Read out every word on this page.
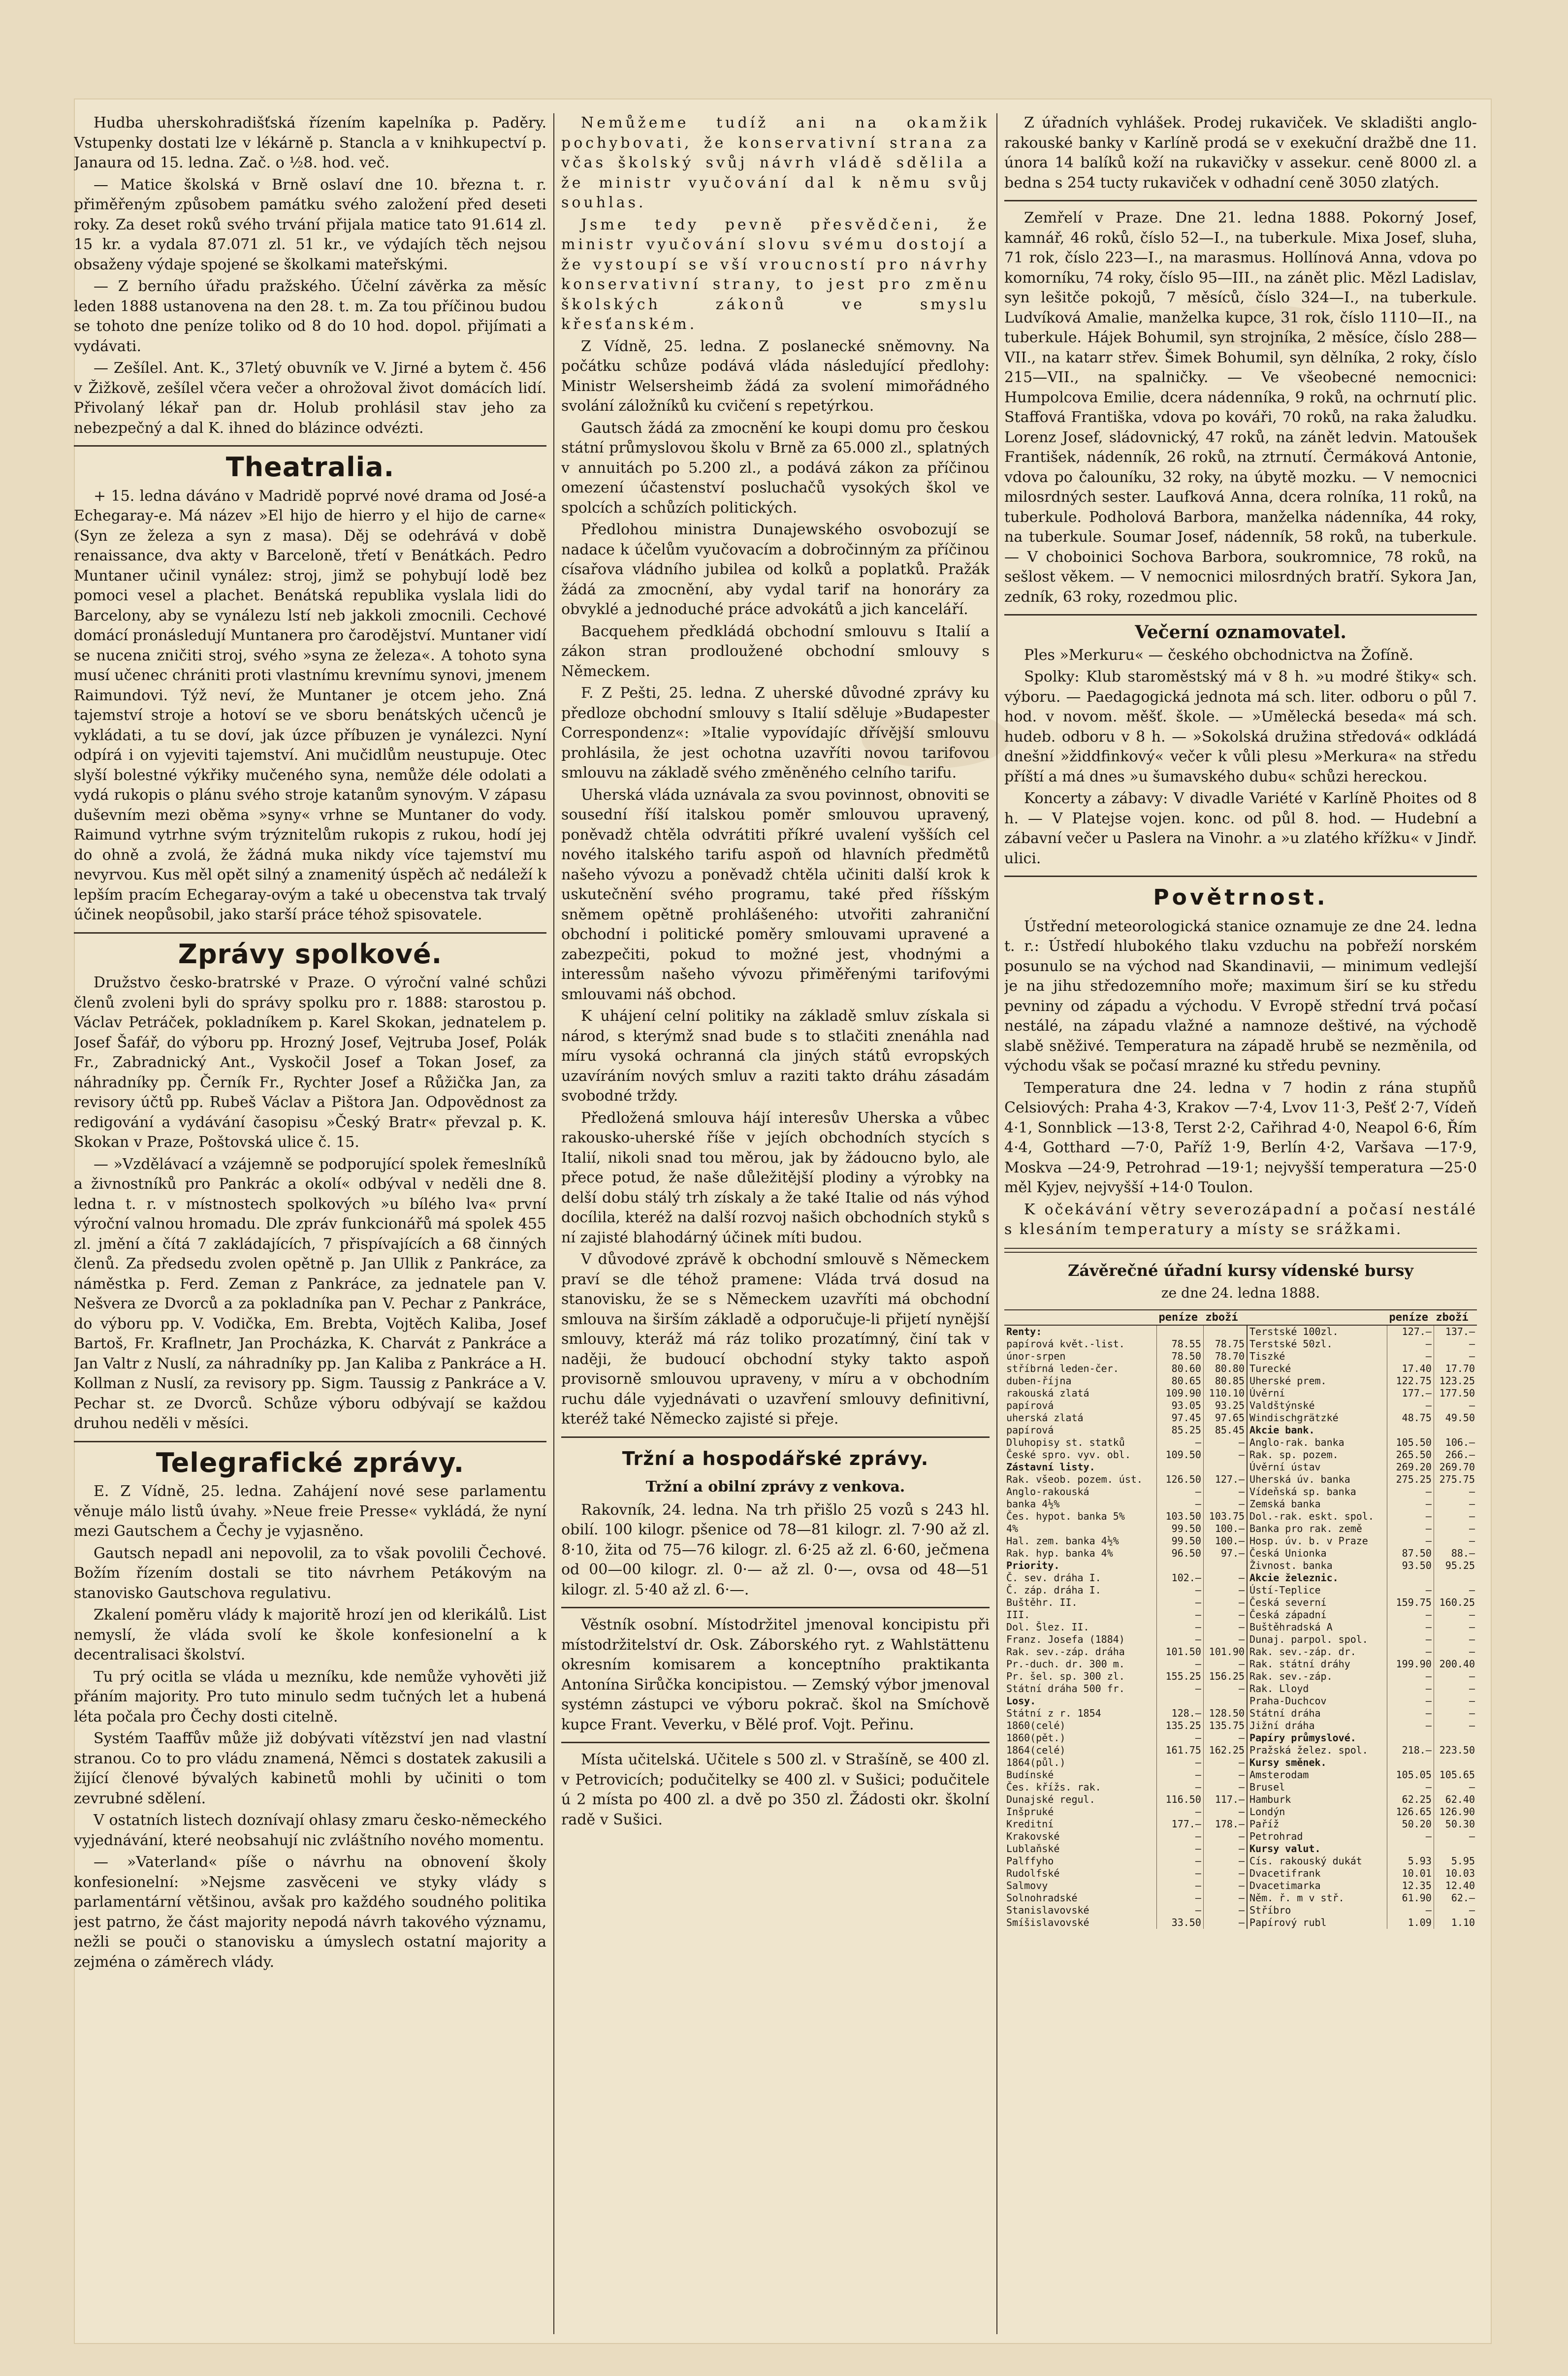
Hudba uherskohradišťská řízením kapelníka p. Paděry. Vstupenky dostati lze v lékárně p. Stancla a v knihkupectví p. Janaura od 15. ledna. Zač. o ½8. hod. več.

— Matice školská v Brně oslaví dne 10. března t. r. přiměřeným způsobem památku svého založení před deseti roky. Za deset roků svého trvání přijala matice tato 91.614 zl. 15 kr. a vydala 87.071 zl. 51 kr., ve výdajích těch nejsou obsaženy výdaje spojené se školkami mateřskými.

— Z berního úřadu pražského. Účelní závěrka za měsíc leden 1888 ustanovena na den 28. t. m. Za tou příčinou budou se tohoto dne peníze toliko od 8 do 10 hod. dopol. přijímati a vydávati.

— Zešílel. Ant. K., 37letý obuvník ve V. Jirné a bytem č. 456 v Žižkově, zešílel včera večer a ohrožoval život domácích lidí. Přivolaný lékař pan dr. Holub prohlásil stav jeho za nebezpečný a dal K. ihned do blázince odvézti.

Theatralia.

+ 15. ledna dáváno v Madridě poprvé nové drama od José-a Echegaray-e. Má název »El hijo de hierro y el hijo de carne« (Syn ze železa a syn z masa). Děj se odehrává v době renaissance, dva akty v Barceloně, třetí v Benátkách. Pedro Muntaner učinil vynález: stroj, jimž se pohybují lodě bez pomoci vesel a plachet. Benátská republika vyslala lidi do Barcelony, aby se vynálezu lstí neb jakkoli zmocnili. Cechové domácí pronásledují Muntanera pro čarodějství. Muntaner vidí se nucena zničiti stroj, svého »syna ze železa«. A tohoto syna musí učenec chrániti proti vlastnímu krevnímu synovi, jmenem Raimundovi. Týž neví, že Muntaner je otcem jeho. Zná tajemství stroje a hotoví se ve sboru benátských učenců je vykládati, a tu se doví, jak úzce příbuzen je vynálezci. Nyní odpírá i on vyjeviti tajemství. Ani mučidlům neustupuje. Otec slyší bolestné výkřiky mučeného syna, nemůže déle odolati a vydá rukopis o plánu svého stroje katanům synovým. V zápasu duševním mezi oběma »syny« vrhne se Muntaner do vody. Raimund vytrhne svým trýznitelům rukopis z rukou, hodí jej do ohně a zvolá, že žádná muka nikdy více tajemství mu nevyrvou. Kus měl opět silný a znamenitý úspěch ač nedáleží k lepším pracím Echegaray-ovým a také u obecenstva tak trvalý účinek neopůsobil, jako starší práce téhož spisovatele.

Zprávy spolkové.

Družstvo česko-bratrské v Praze. O výroční valné schůzi členů zvoleni byli do správy spolku pro r. 1888: starostou p. Václav Petráček, pokladníkem p. Karel Skokan, jednatelem p. Josef Šafář, do výboru pp. Hrozný Josef, Vejtruba Josef, Polák Fr., Zabradnický Ant., Vyskočil Josef a Tokan Josef, za náhradníky pp. Černík Fr., Rychter Josef a Růžička Jan, za revisory účtů pp. Rubeš Václav a Pištora Jan. Odpovědnost za redigování a vydávání časopisu »Český Bratr« převzal p. K. Skokan v Praze, Poštovská ulice č. 15.

— »Vzdělávací a vzájemně se podporující spolek řemeslníků a živnostníků pro Pankrác a okolí« odbýval v neděli dne 8. ledna t. r. v místnostech spolkových »u bílého lva« první výroční valnou hromadu. Dle zpráv funkcionářů má spolek 455 zl. jmění a čítá 7 zakládajících, 7 přispívajících a 68 činných členů. Za předsedu zvolen opětně p. Jan Ullik z Pankráce, za náměstka p. Ferd. Zeman z Pankráce, za jednatele pan V. Nešvera ze Dvorců a za pokladníka pan V. Pechar z Pankráce, do výboru pp. V. Vodička, Em. Brebta, Vojtěch Kaliba, Josef Bartoš, Fr. Kraflnetr, Jan Procházka, K. Charvát z Pankráce a Jan Valtr z Nuslí, za náhradníky pp. Jan Kaliba z Pankráce a H. Kollman z Nuslí, za revisory pp. Sigm. Taussig z Pankráce a V. Pechar st. ze Dvorců. Schůze výboru odbývají se každou druhou neděli v měsíci.

Telegrafické zprávy.

E. Z Vídně, 25. ledna. Zahájení nové sese parlamentu věnuje málo listů úvahy. »Neue freie Presse« vykládá, že nyní mezi Gautschem a Čechy je vyjasněno.

Gautsch nepadl ani nepovolil, za to však povolili Čechové. Božím řízením dostali se tito návrhem Petákovým na stanovisko Gautschova regulativu.

Zkalení poměru vlády k majoritě hrozí jen od klerikálů. List nemyslí, že vláda svolí ke škole konfesionelní a k decentralisaci školství.

Tu prý ocitla se vláda u mezníku, kde nemůže vyhověti již přáním majority. Pro tuto minulo sedm tučných let a hubená léta počala pro Čechy dosti citelně.

Systém Taaffův může již dobývati vítězství jen nad vlastní stranou. Co to pro vládu znamená, Němci s dostatek zakusili a žijící členové bývalých kabinetů mohli by učiniti o tom zevrubné sdělení.

V ostatních listech doznívají ohlasy zmaru česko-německého vyjednávání, které neobsahují nic zvláštního nového momentu.

— »Vaterland« píše o návrhu na obnovení školy konfesionelní: »Nejsme zasvěceni ve styky vlády s parlamentární většinou, avšak pro každého soudného politika jest patrno, že část majority nepodá návrh takového významu, nežli se pouči o stanovisku a úmyslech ostatní majority a zejména o záměrech vlády.

Nemůžeme tudíž ani na okamžik pochybovati, že konservativní strana za včas školský svůj návrh vládě sdělila a že ministr vyučování dal k němu svůj souhlas.

Jsme tedy pevně přesvědčeni, že ministr vyučování slovu svému dostojí a že vystoupí se vší vroucností pro návrhy konservativní strany, to jest pro změnu školských zákonů ve smyslu křesťanském.

Z Vídně, 25. ledna. Z poslanecké sněmovny. Na počátku schůze podává vláda následující předlohy: Ministr Welsersheimb žádá za svolení mimořádného svolání záložníků ku cvičení s repetýrkou.

Gautsch žádá za zmocnění ke koupi domu pro českou státní průmyslovou školu v Brně za 65.000 zl., splatných v annuitách po 5.200 zl., a podává zákon za příčinou omezení účastenství posluchačů vysokých škol ve spolcích a schůzích politických.

Předlohou ministra Dunajewského osvobozují se nadace k účelům vyučovacím a dobročinným za příčinou císařova vládního jubilea od kolků a poplatků. Pražák žádá za zmocnění, aby vydal tarif na honoráry za obvyklé a jednoduché práce advokátů a jich kanceláří.

Bacquehem předkládá obchodní smlouvu s Italií a zákon stran prodloužené obchodní smlouvy s Německem.

F. Z Pešti, 25. ledna. Z uherské důvodné zprávy ku předloze obchodní smlouvy s Italií sděluje »Budapester Correspondenz«: »Italie vypovídajíc dřívější smlouvu prohlásila, že jest ochotna uzavříti novou tarifovou smlouvu na základě svého změněného celního tarifu.

Uherská vláda uznávala za svou povinnost, obnoviti se sousední říší italskou poměr smlouvou upravený, poněvadž chtěla odvrátiti příkré uvalení vyšších cel nového italského tarifu aspoň od hlavních předmětů našeho vývozu a poněvadž chtěla učiniti další krok k uskutečnění svého programu, také před říšským sněmem opětně prohlášeného: utvořiti zahraniční obchodní i politické poměry smlouvami upravené a zabezpečiti, pokud to možné jest, vhodnými a interessům našeho vývozu přiměřenými tarifovými smlouvami náš obchod.

K uhájení celní politiky na základě smluv získala si národ, s kterýmž snad bude s to stlačiti znenáhla nad míru vysoká ochranná cla jiných států evropských uzavíráním nových smluv a raziti takto dráhu zásadám svobodné trždy.

Předložená smlouva hájí interesův Uherska a vůbec rakousko-uherské říše v jejích obchodních stycích s Italií, nikoli snad tou měrou, jak by žádoucno bylo, ale přece potud, že naše důležitější plodiny a výrobky na delší dobu stálý trh získaly a že také Italie od nás výhod docílila, kteréž na další rozvoj našich obchodních styků s ní zajisté blahodárný účinek míti budou.

V důvodové zprávě k obchodní smlouvě s Německem praví se dle téhož pramene: Vláda trvá dosud na stanovisku, že se s Německem uzavříti má obchodní smlouva na širším základě a odporučuje-li přijetí nynější smlouvy, kteráž má ráz toliko prozatímný, činí tak v naději, že budoucí obchodní styky takto aspoň provisorně smlouvou upraveny, v míru a v obchodním ruchu dále vyjednávati o uzavření smlouvy definitivní, kteréž také Německo zajisté si přeje.

Tržní a hospodářské zprávy.
Tržní a obilní zprávy z venkova.

Rakovník, 24. ledna. Na trh přišlo 25 vozů s 243 hl. obilí. 100 kilogr. pšenice od 78—81 kilogr. zl. 7·90 až zl. 8·10, žita od 75—76 kilogr. zl. 6·25 až zl. 6·60, ječmena od 00—00 kilogr. zl. 0·— až zl. 0·—, ovsa od 48—51 kilogr. zl. 5·40 až zl. 6·—.

Věstník osobní. Místodržitel jmenoval koncipistu při místodržitelství dr. Osk. Záborského ryt. z Wahlstättenu okresním komisarem a konceptního praktikanta Antonína Sirůčka koncipistou. — Zemský výbor jmenoval systémn zástupci ve výboru pokrač. škol na Smíchově kupce Frant. Veverku, v Bělé prof. Vojt. Peřinu.

Místa učitelská. Učitele s 500 zl. v Strašíně, se 400 zl. v Petrovicích; podučitelky se 400 zl. v Sušici; podučitele ú 2 místa po 400 zl. a dvě po 350 zl. Žádosti okr. školní radě v Sušici.

Z úřadních vyhlášek. Prodej rukaviček. Ve skladišti anglo-rakouské banky v Karlíně prodá se v exekuční dražbě dne 11. února 14 balíků koží na rukavičky v assekur. ceně 8000 zl. a bedna s 254 tucty rukaviček v odhadní ceně 3050 zlatých.

Zemřelí v Praze. Dne 21. ledna 1888. Pokorný Josef, kamnář, 46 roků, číslo 52—I., na tuberkule. Mixa Josef, sluha, 71 rok, číslo 223—I., na marasmus. Hollínová Anna, vdova po komorníku, 74 roky, číslo 95—III., na zánět plic. Mězl Ladislav, syn lešitče pokojů, 7 měsíců, číslo 324—I., na tuberkule. Ludvíková Amalie, manželka kupce, 31 rok, číslo 1110—II., na tuberkule. Hájek Bohumil, syn strojníka, 2 měsíce, číslo 288—VII., na katarr střev. Šimek Bohumil, syn dělníka, 2 roky, číslo 215—VII., na spalničky. — Ve všeobecné nemocnici: Humpolcova Emilie, dcera nádenníka, 9 roků, na ochrnutí plic. Staffová Františka, vdova po kováři, 70 roků, na raka žaludku. Lorenz Josef, sládovnický, 47 roků, na zánět ledvin. Matoušek František, nádenník, 26 roků, na ztrnutí. Čermáková Antonie, vdova po čalouníku, 32 roky, na úbytě mozku. — V nemocnici milosrdných sester. Laufková Anna, dcera rolníka, 11 roků, na tuberkule. Podholová Barbora, manželka nádenníka, 44 roky, na tuberkule. Soumar Josef, nádenník, 58 roků, na tuberkule. — V choboinici Sochova Barbora, soukromnice, 78 roků, na sešlost věkem. — V nemocnici milosrdných bratří. Sykora Jan, zedník, 63 roky, rozedmou plic.

Večerní oznamovatel.

Ples »Merkuru« — českého obchodnictva na Žofíně.

Spolky: Klub staroměstský má v 8 h. »u modré štiky« sch. výboru. — Paedagogická jednota má sch. liter. odboru o půl 7. hod. v novom. měšť. škole. — »Umělecká beseda« má sch. hudeb. odboru v 8 h. — »Sokolská družina středová« odkládá dnešní »židdfinkový« večer k vůli plesu »Merkura« na středu příští a má dnes »u šumavského dubu« schůzi hereckou.

Koncerty a zábavy: V divadle Variété v Karlíně Phoites od 8 h. — V Platejse vojen. konc. od půl 8. hod. — Hudební a zábavní večer u Paslera na Vinohr. a »u zlatého křížku« v Jindř. ulici.

Povětrnost.

Ústřední meteorologická stanice oznamuje ze dne 24. ledna t. r.: Ústředí hlubokého tlaku vzduchu na pobřeží norském posunulo se na východ nad Skandinavii, — minimum vedlejší je na jihu středozemního moře; maximum širí se ku středu pevniny od západu a východu. V Evropě střední trvá počasí nestálé, na západu vlažné a namnoze deštivé, na východě slabě sněživé. Temperatura na západě hrubě se nezměnila, od východu však se počasí mrazné ku středu pevniny.

Temperatura dne 24. ledna v 7 hodin z rána stupňů Celsiových: Praha 4·3, Krakov —7·4, Lvov 11·3, Pešť 2·7, Vídeň 4·1, Sonnblick —13·8, Terst 2·2, Cařihrad 4·0, Neapol 6·6, Řím 4·4, Gotthard —7·0, Paříž 1·9, Berlín 4·2, Varšava —17·9, Moskva —24·9, Petrohrad —19·1; nejvyšší temperatura —25·0 měl Kyjev, nejvyšší +14·0 Toulon.

K očekávání větry severozápadní a počasí nestálé s klesáním temperatury a místy se srážkami.

Závěrečné úřadní kursy vídenské bursy
ze dne 24. ledna 1888.
	peníze	zboží		peníze	zboží
Renty:			Terstské 100zl.	127.—	137.—
papírová květ.-list.	78.55	78.75	Terstské 50zl.	—	—
únor-srpen	78.50	78.70	Tiszké	—	—
stříbrná leden-čer.	80.60	80.80	Turecké	17.40	17.70
duben-října	80.65	80.85	Uherské prem.	122.75	123.25
rakouská zlatá	109.90	110.10	Úvěrní	177.—	177.50
papírová	93.05	93.25	Valdštýnské	—	—
uherská zlatá	97.45	97.65	Windischgrätzké	48.75	49.50
papírová	85.25	85.45	Akcie bank.		
Dluhopisy st. statků	—	—	Anglo-rak. banka	105.50	106.—
České spro. vyv. obl.	109.50	—	Rak. sp. pozem.	265.50	266.—
Zástavní listy.			Úvěrní ústav	269.20	269.70
Rak. všeob. pozem. úst.	126.50	127.—	Uherská úv. banka	275.25	275.75
Anglo-rakouská	—	—	Vídeňská sp. banka	—	—
banka 4½%	—	—	Zemská banka	—	—
Čes. hypot. banka 5%	103.50	103.75	Dol.-rak. eskt. spol.	—	—
4%	99.50	100.—	Banka pro rak. země	—	—
Hal. zem. banka 4½%	99.50	100.—	Hosp. úv. b. v Praze	—	—
Rak. hyp. banka 4%	96.50	97.—	Česká Unionka	87.50	88.—
Priority.			Živnost. banka	93.50	95.25
Č. sev. dráha I.	102.—	—	Akcie železnic.		
Č. záp. dráha I.	—	—	Ústí-Teplice	—	—
Buštěhr. II.	—	—	Česká severní	159.75	160.25
III.	—	—	Česká západní	—	—
Dol. Šlez. II.	—	—	Buštěhradská A	—	—
Franz. Josefa (1884)	—	—	Dunaj. parpol. spol.	—	—
Rak. sev.-záp. dráha	101.50	101.90	Rak. sev.-záp. dr.	—	—
Pr.-duch. dr. 300 m.	—	—	Rak. státní dráhy	199.90	200.40
Pr. šel. sp. 300 zl.	155.25	156.25	Rak. sev.-záp.	—	—
Státní dráha 500 fr.	—	—	Rak. Lloyd	—	—
Losy.			Praha-Duchcov	—	—
Státní z r. 1854	128.—	128.50	Státní dráha	—	—
1860(celé)	135.25	135.75	Jižní dráha	—	—
1860(pět.)	—	—	Papíry průmyslové.		
1864(celé)	161.75	162.25	Pražská želez. spol.	218.—	223.50
1864(půl.)	—	—	Kursy směnek.		
Budínské	—	—	Amsterodam	105.05	105.65
Čes. křížs. rak.	—	—	Brusel	—	—
Dunajské regul.	116.50	117.—	Hamburk	62.25	62.40
Inšpruké	—	—	Londýn	126.65	126.90
Kreditní	177.—	178.—	Paříž	50.20	50.30
Krakovské	—	—	Petrohrad	—	—
Lublaňské	—	—	Kursy valut.		
Palffyho	—	—	Cís. rakouský dukát	5.93	5.95
Rudolfské	—	—	Dvacetifrank	10.01	10.03
Salmovy	—	—	Dvacetimarka	12.35	12.40
Solnohradské	—	—	Něm. ř. m v stř.	61.90	62.—
Stanislavovské	—	—	Stříbro	—	—
Smíšislavovské	33.50	—	Papírový rubl	1.09	1.10
